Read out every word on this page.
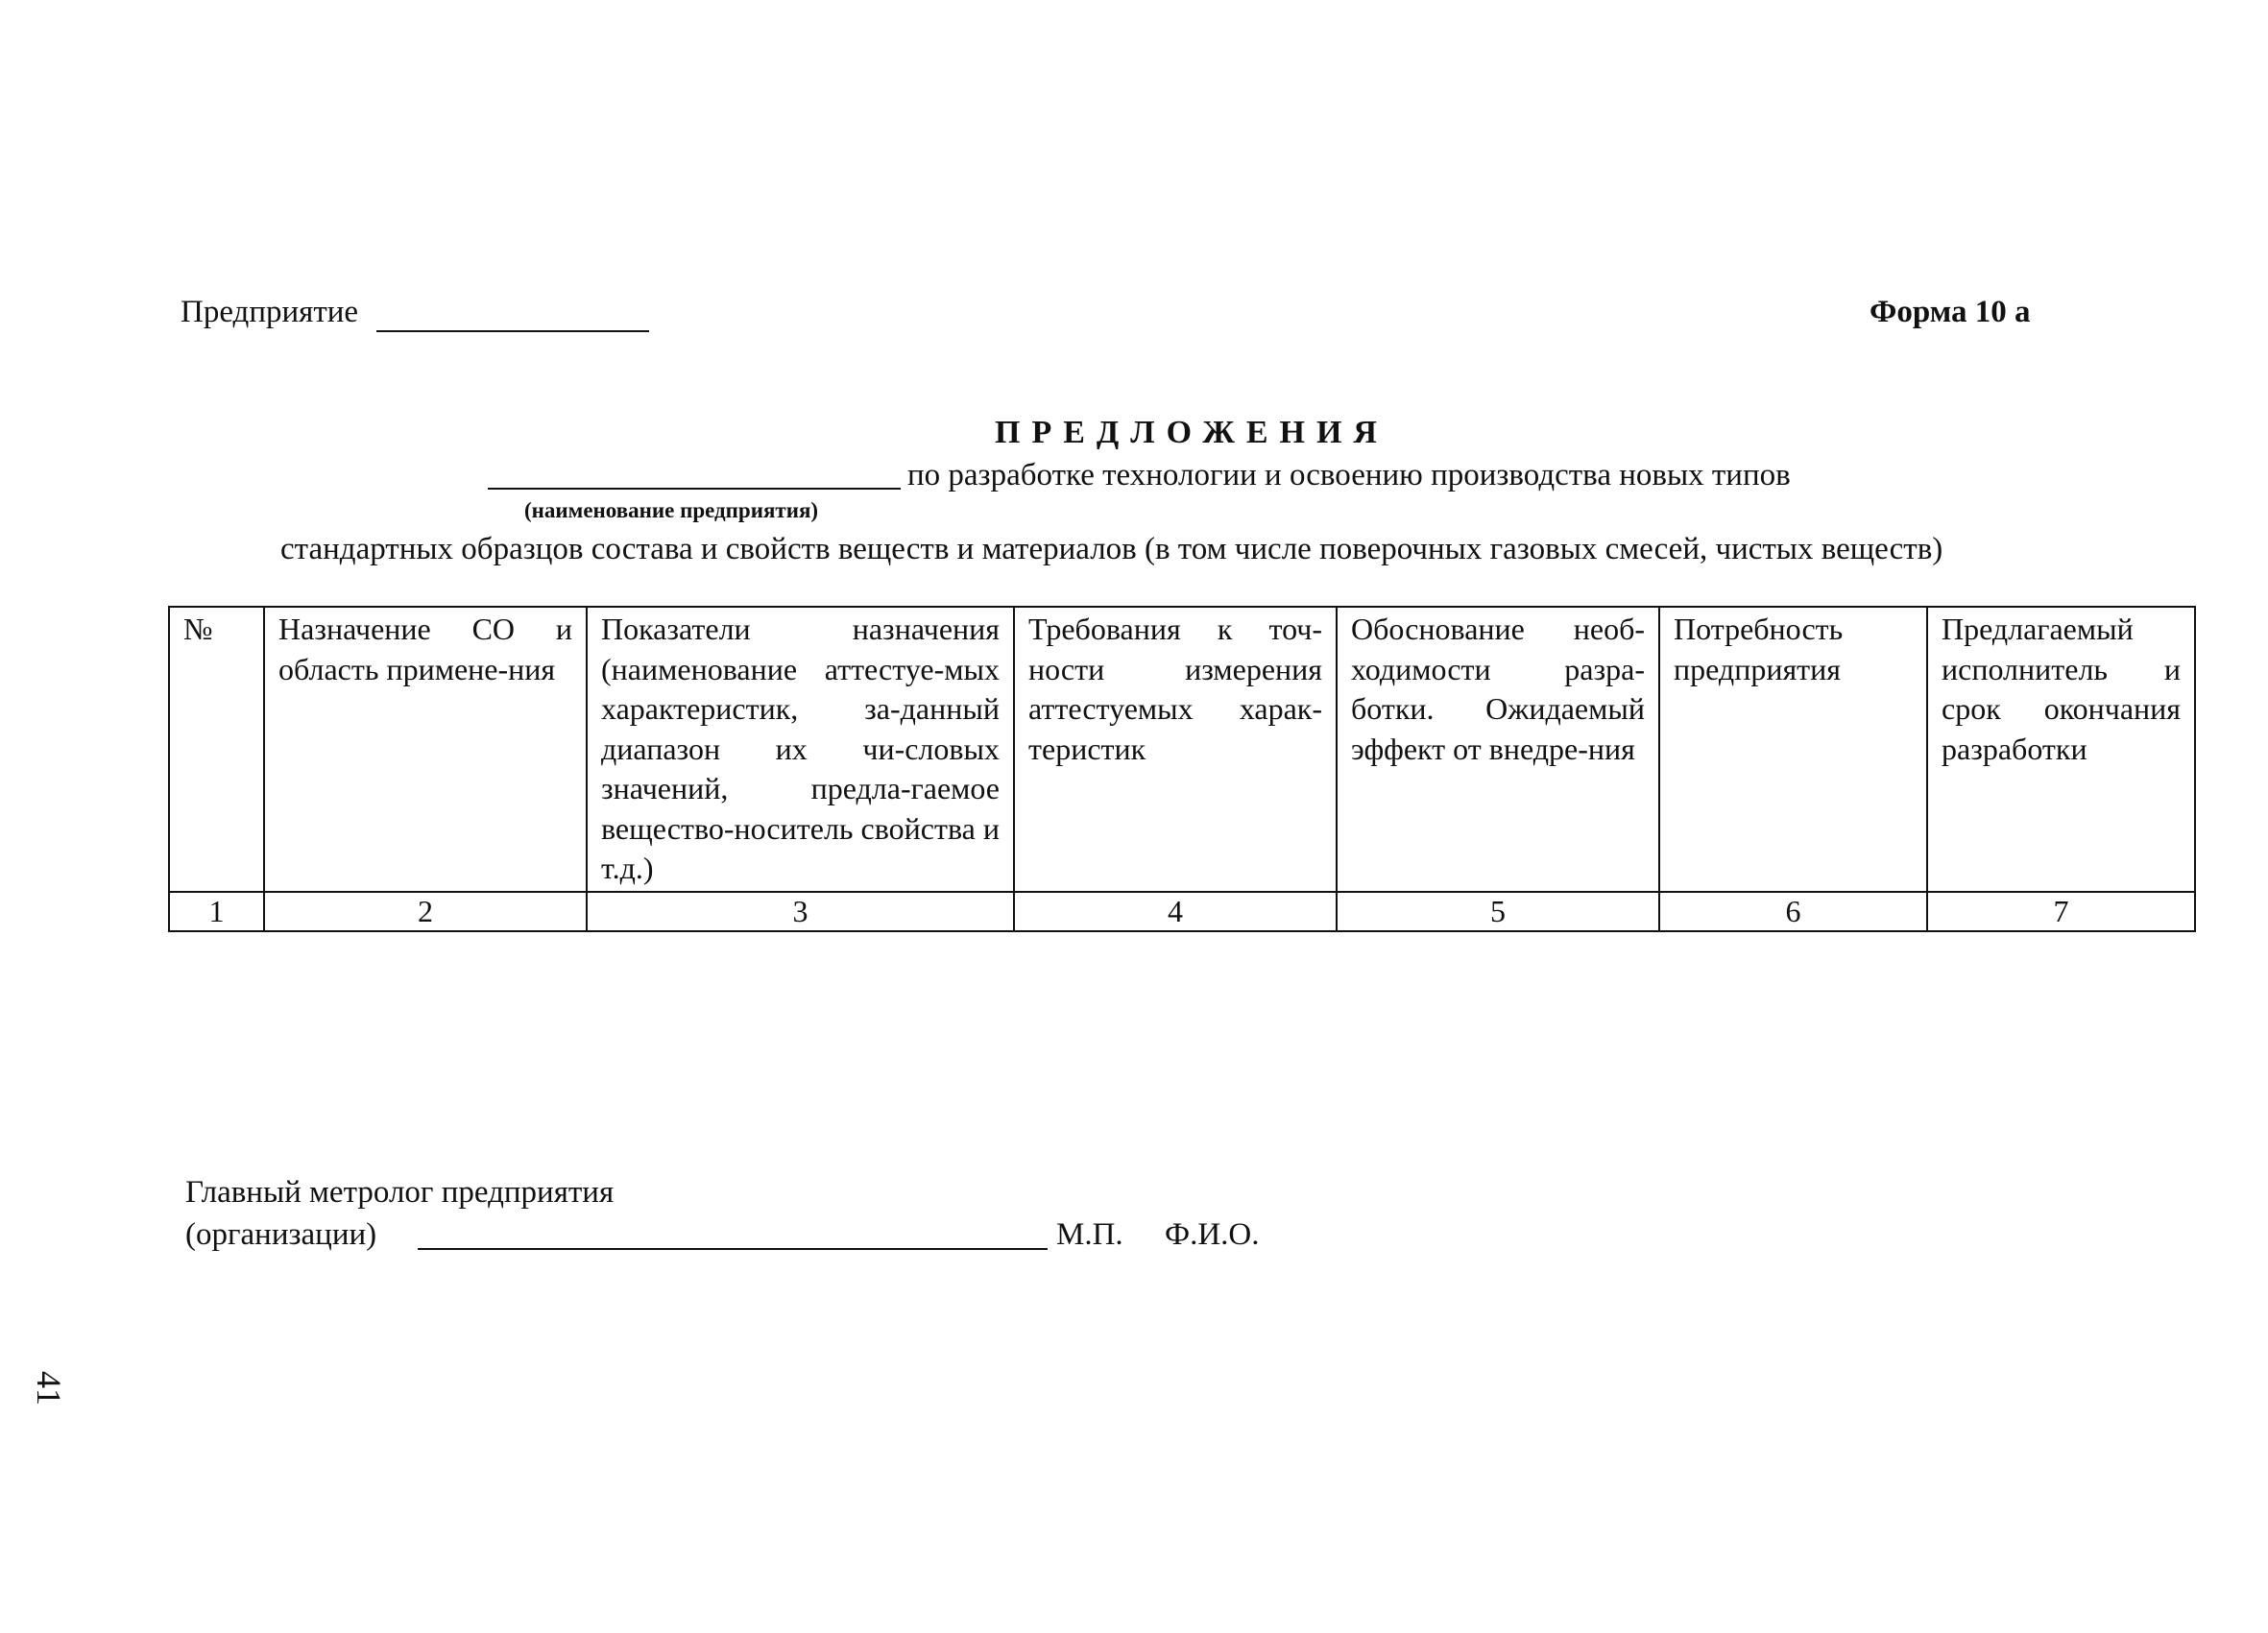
Предприятие	Форма 10 а
ПРЕДЛОЖЕНИЯ
по разработке технологии и освоению производства новых типов
(наименование предприятия)
стандартных образцов состава и свойств веществ и материалов (в том числе поверочных газовых смесей, чистых веществ)
№	Назначение СО и область примене-ния	Показатели назначения (наименование аттестуе-мых характеристик, за-данный диапазон их чи-словых значений, предла-гаемое вещество-носитель свойства и т.д.)	Требования к точ-ности измерения аттестуемых харак-теристик	Обоснование необ-ходимости разра-ботки. Ожидаемый эффект от внедре-ния	Потребность предприятия	Предлагаемый исполнитель и срок окончания разработки
1	2	3	4	5	6	7
Главный метролог предприятия
(организации)	М.П. Ф.И.О.
41
